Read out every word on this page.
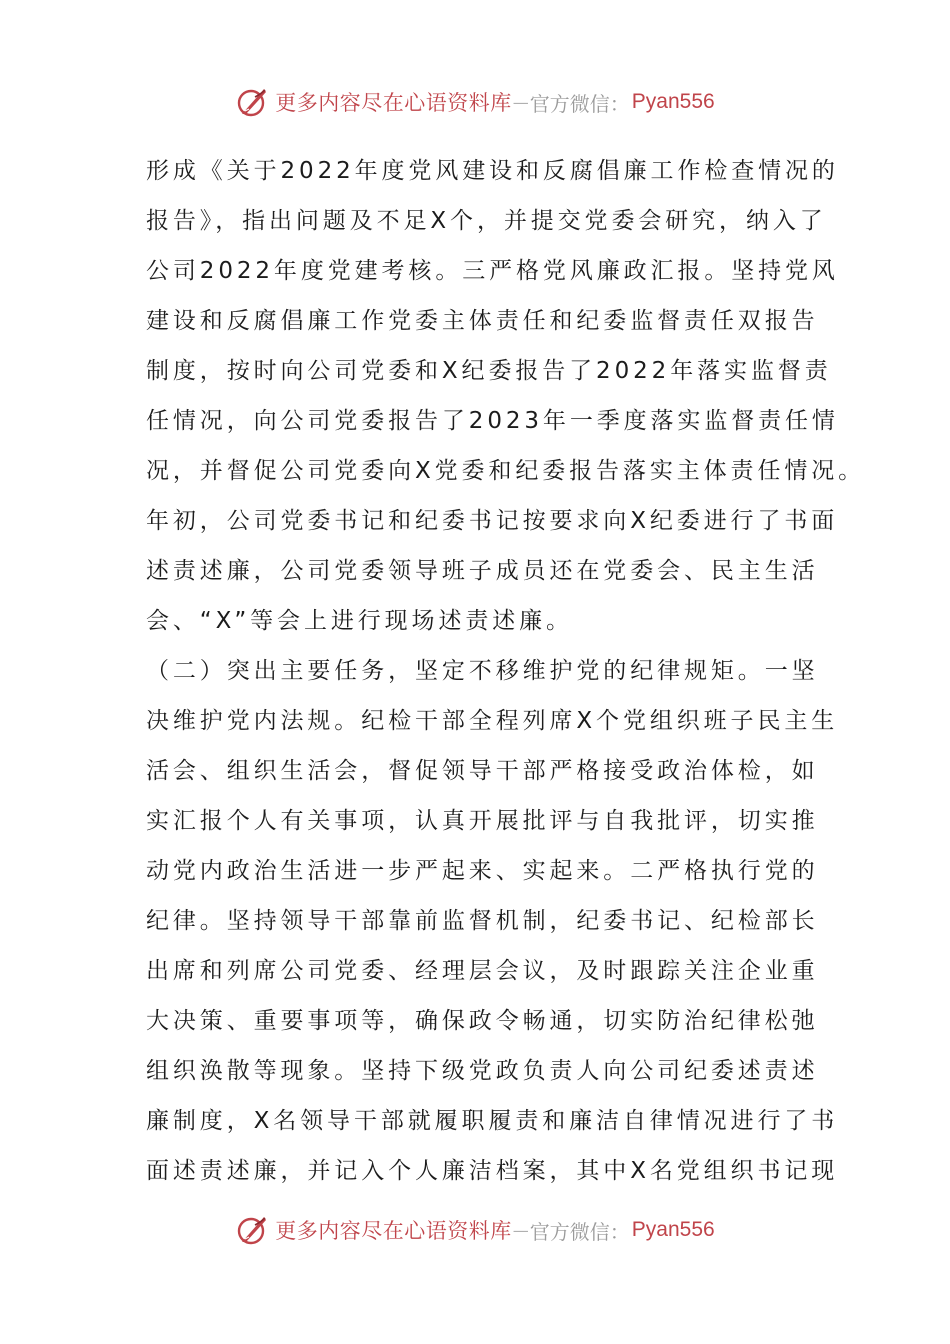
更多内容尽在心语资料库 — 官方微信： Pyan556
形成《关于2022年度党风建设和反腐倡廉工作检查情况的
报告》，指出问题及不足X个，并提交党委会研究，纳入了
公司2022年度党建考核。三严格党风廉政汇报。坚持党风
建设和反腐倡廉工作党委主体责任和纪委监督责任双报告
制度，按时向公司党委和X纪委报告了2022年落实监督责
任情况，向公司党委报告了2023年一季度落实监督责任情
况，并督促公司党委向X党委和纪委报告落实主体责任情况。
年初，公司党委书记和纪委书记按要求向X纪委进行了书面
述责述廉，公司党委领导班子成员还在党委会、民主生活
会、“X”等会上进行现场述责述廉。
（二）突出主要任务，坚定不移维护党的纪律规矩。一坚
决维护党内法规。纪检干部全程列席X个党组织班子民主生
活会、组织生活会，督促领导干部严格接受政治体检，如
实汇报个人有关事项，认真开展批评与自我批评，切实推
动党内政治生活进一步严起来、实起来。二严格执行党的
纪律。坚持领导干部靠前监督机制，纪委书记、纪检部长
出席和列席公司党委、经理层会议，及时跟踪关注企业重
大决策、重要事项等，确保政令畅通，切实防治纪律松弛
组织涣散等现象。坚持下级党政负责人向公司纪委述责述
廉制度，X名领导干部就履职履责和廉洁自律情况进行了书
面述责述廉，并记入个人廉洁档案，其中X名党组织书记现
更多内容尽在心语资料库 — 官方微信： Pyan556
